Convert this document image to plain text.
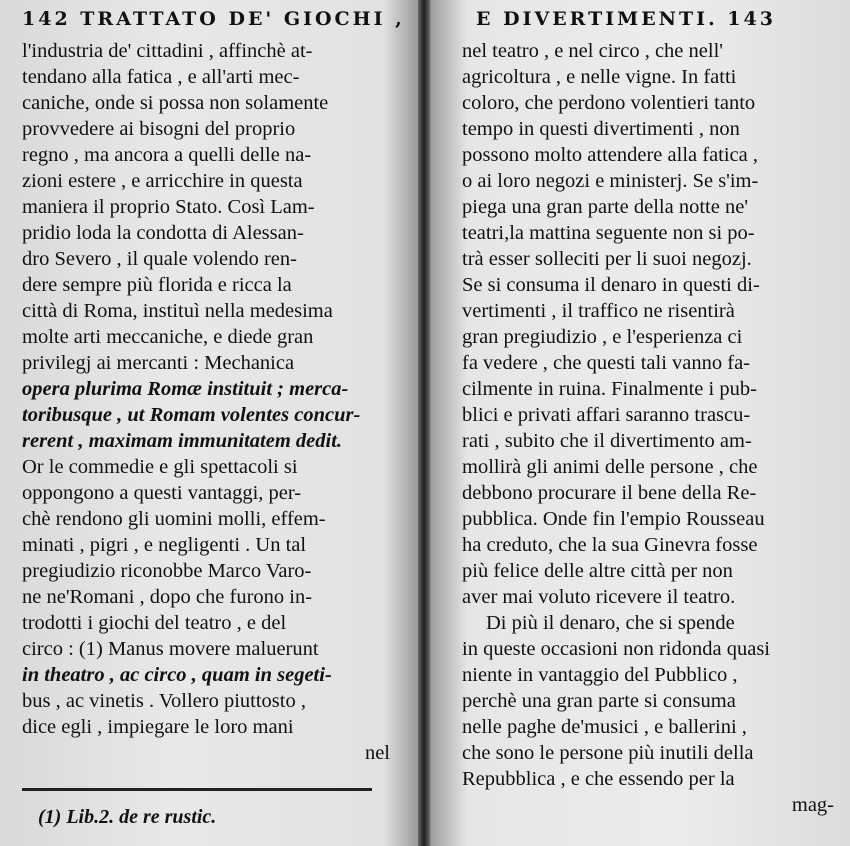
142 TRATTATO DE' GIOCHI ,
l'industria de' cittadini , affinchè at-
tendano alla fatica , e all'arti mec-
caniche, onde si possa non solamente
provvedere ai bisogni del proprio
regno , ma ancora a quelli delle na-
zioni estere , e arricchire in questa
maniera il proprio Stato. Così Lam-
pridio loda la condotta di Alessan-
dro Severo , il quale volendo ren-
dere sempre più florida e ricca la
città di Roma, instituì nella medesima
molte arti meccaniche, e diede gran
privilegj ai mercanti : Mechanica
opera plurima Romæ instituit ; merca-
toribusque , ut Romam volentes concur-
rerent , maximam immunitatem dedit.
Or le commedie e gli spettacoli si
oppongono a questi vantaggi, per-
chè rendono gli uomini molli, effem-
minati , pigri , e negligenti . Un tal
pregiudizio riconobbe Marco Varo-
ne ne'Romani , dopo che furono in-
trodotti i giochi del teatro , e del
circo : (1) Manus movere maluerunt
in theatro , ac circo , quam in segeti-
bus , ac vinetis . Vollero piuttosto ,
dice egli , impiegare le loro mani
nel
(1) Lib.2. de re rustic.
E DIVERTIMENTI. 143
nel teatro , e nel circo , che nell'
agricoltura , e nelle vigne. In fatti
coloro, che perdono volentieri tanto
tempo in questi divertimenti , non
possono molto attendere alla fatica ,
o ai loro negozi e ministerj. Se s'im-
piega una gran parte della notte ne'
teatri,la mattina seguente non si po-
trà esser solleciti per li suoi negozj.
Se si consuma il denaro in questi di-
vertimenti , il traffico ne risentirà
gran pregiudizio , e l'esperienza ci
fa vedere , che questi tali vanno fa-
cilmente in ruina. Finalmente i pub-
blici e privati affari saranno trascu-
rati , subito che il divertimento am-
mollirà gli animi delle persone , che
debbono procurare il bene della Re-
pubblica. Onde fin l'empio Rousseau
ha creduto, che la sua Ginevra fosse
più felice delle altre città per non
aver mai voluto ricevere il teatro.
Di più il denaro, che si spende
in queste occasioni non ridonda quasi
niente in vantaggio del Pubblico ,
perchè una gran parte si consuma
nelle paghe de'musici , e ballerini ,
che sono le persone più inutili della
Repubblica , e che essendo per la
mag-
